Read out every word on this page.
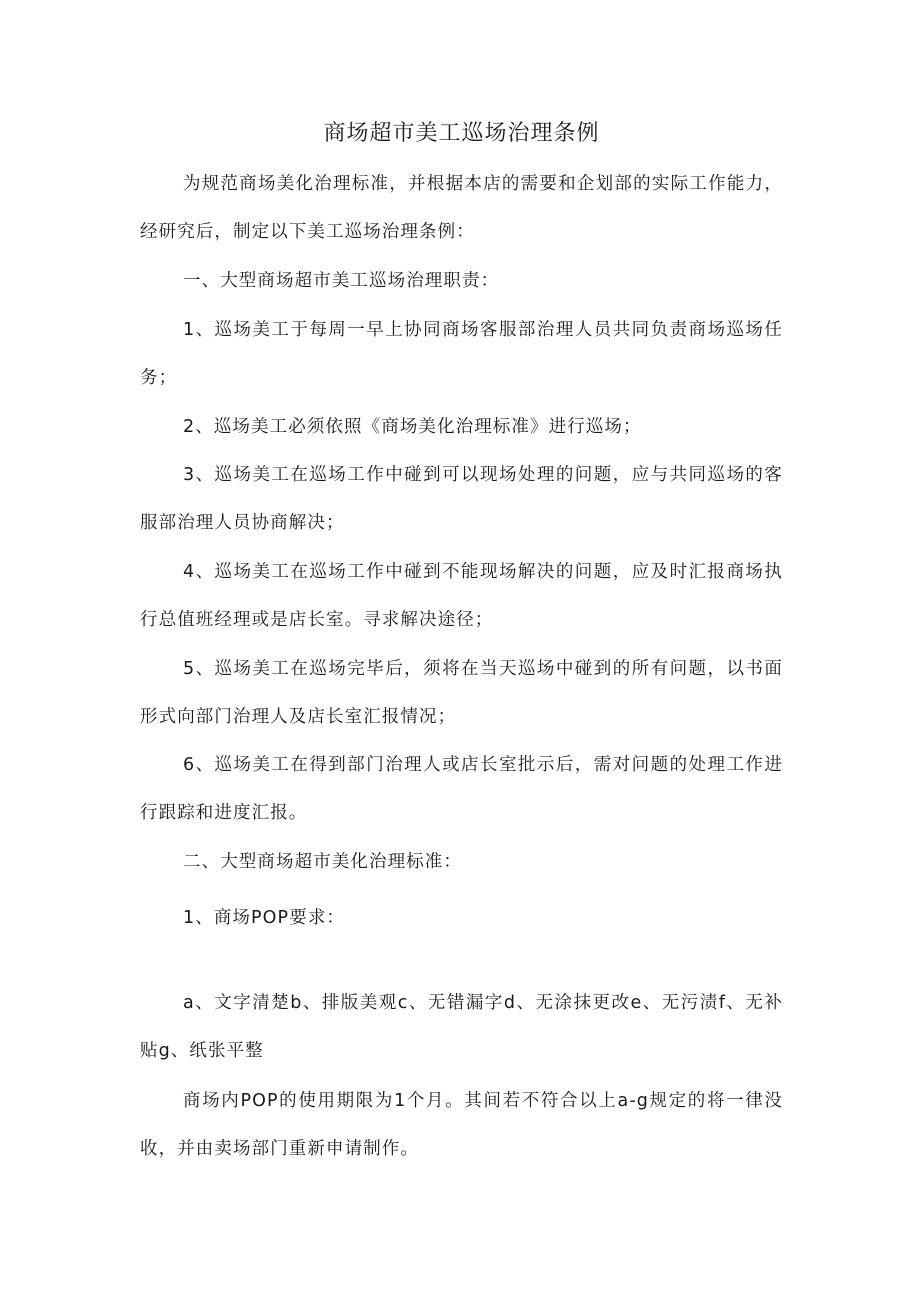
商场超市美工巡场治理条例

为规范商场美化治理标准，并根据本店的需要和企划部的实际工作能力，经研究后，制定以下美工巡场治理条例：

一、大型商场超市美工巡场治理职责：

1、巡场美工于每周一早上协同商场客服部治理人员共同负责商场巡场任务；

2、巡场美工必须依照《商场美化治理标准》进行巡场；

3、巡场美工在巡场工作中碰到可以现场处理的问题，应与共同巡场的客服部治理人员协商解决；

4、巡场美工在巡场工作中碰到不能现场解决的问题，应及时汇报商场执行总值班经理或是店长室。寻求解决途径；

5、巡场美工在巡场完毕后，须将在当天巡场中碰到的所有问题，以书面形式向部门治理人及店长室汇报情况；

6、巡场美工在得到部门治理人或店长室批示后，需对问题的处理工作进行跟踪和进度汇报。

二、大型商场超市美化治理标准：

1、商场POP要求：

a、文字清楚b、排版美观c、无错漏字d、无涂抹更改e、无污渍f、无补贴g、纸张平整

商场内POP的使用期限为1个月。其间若不符合以上a-g规定的将一律没收，并由卖场部门重新申请制作。
